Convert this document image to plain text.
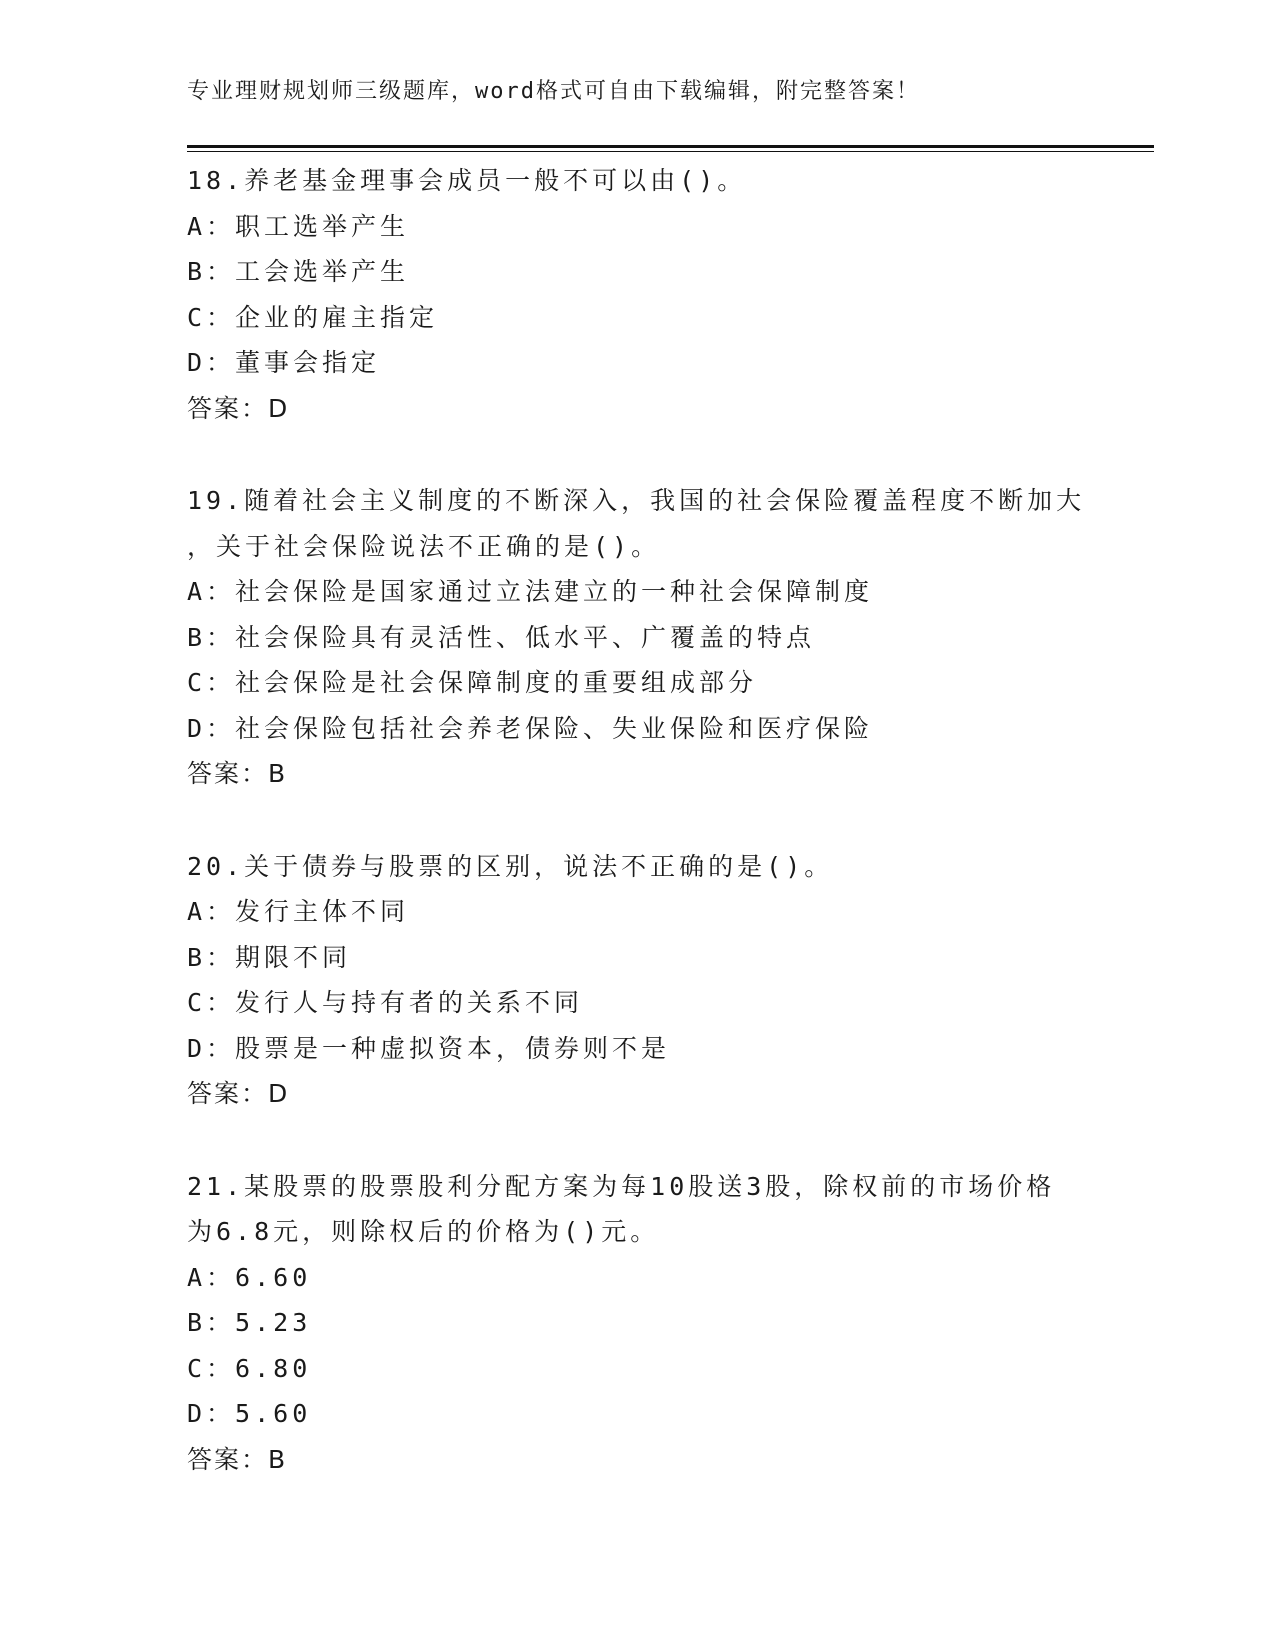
专业理财规划师三级题库，word格式可自由下载编辑，附完整答案！
18.养老基金理事会成员一般不可以由()。
A：职工选举产生
B：工会选举产生
C：企业的雇主指定
D：董事会指定
答案：D
19.随着社会主义制度的不断深入，我国的社会保险覆盖程度不断加大
，关于社会保险说法不正确的是()。
A：社会保险是国家通过立法建立的一种社会保障制度
B：社会保险具有灵活性、低水平、广覆盖的特点
C：社会保险是社会保障制度的重要组成部分
D：社会保险包括社会养老保险、失业保险和医疗保险
答案：B
20.关于债券与股票的区别，说法不正确的是()。
A：发行主体不同
B：期限不同
C：发行人与持有者的关系不同
D：股票是一种虚拟资本，债券则不是
答案：D
21.某股票的股票股利分配方案为每10股送3股，除权前的市场价格
为6.8元，则除权后的价格为()元。
A：6.60
B：5.23
C：6.80
D：5.60
答案：B
